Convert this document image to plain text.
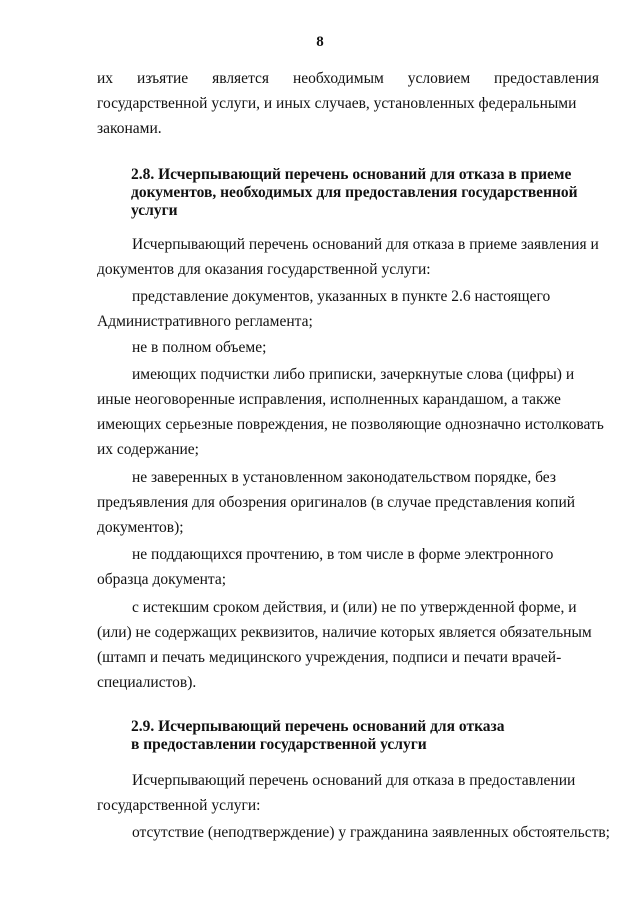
8
их изъятие является необходимым условием предоставления
государственной услуги, и иных случаев, установленных федеральными
законами.
2.8. Исчерпывающий перечень оснований для отказа в приеме
документов, необходимых для предоставления государственной
услуги
Исчерпывающий перечень оснований для отказа в приеме заявления и
документов для оказания государственной услуги:
представление документов, указанных в пункте 2.6 настоящего
Административного регламента;
не в полном объеме;
имеющих подчистки либо приписки, зачеркнутые слова (цифры) и
иные неоговоренные исправления, исполненных карандашом, а также
имеющих серьезные повреждения, не позволяющие однозначно истолковать
их содержание;
не заверенных в установленном законодательством порядке, без
предъявления для обозрения оригиналов (в случае представления копий
документов);
не поддающихся прочтению, в том числе в форме электронного
образца документа;
с истекшим сроком действия, и (или) не по утвержденной форме, и
(или) не содержащих реквизитов, наличие которых является обязательным
(штамп и печать медицинского учреждения, подписи и печати врачей-
специалистов).
2.9. Исчерпывающий перечень оснований для отказа
в предоставлении государственной услуги
Исчерпывающий перечень оснований для отказа в предоставлении
государственной услуги:
отсутствие (неподтверждение) у гражданина заявленных обстоятельств;
